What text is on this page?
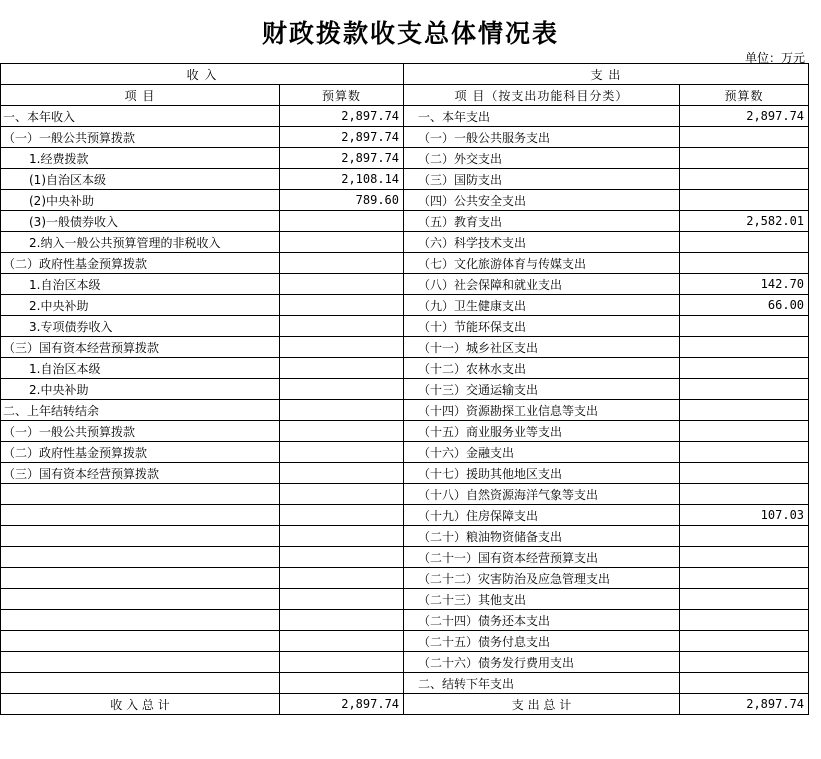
财政拨款收支总体情况表
单位：万元
收 入		支 出	
项 目	预算数	项 目（按支出功能科目分类）	预算数
一、本年收入	2,897.74	一、本年支出	2,897.74
（一）一般公共预算拨款	2,897.74	（一）一般公共服务支出	
1.经费拨款	2,897.74	（二）外交支出	
(1)自治区本级	2,108.14	（三）国防支出	
(2)中央补助	789.60	（四）公共安全支出	
(3)一般债券收入		（五）教育支出	2,582.01
2.纳入一般公共预算管理的非税收入		（六）科学技术支出	
（二）政府性基金预算拨款		（七）文化旅游体育与传媒支出	
1.自治区本级		（八）社会保障和就业支出	142.70
2.中央补助		（九）卫生健康支出	66.00
3.专项债券收入		（十）节能环保支出	
（三）国有资本经营预算拨款		（十一）城乡社区支出	
1.自治区本级		（十二）农林水支出	
2.中央补助		（十三）交通运输支出	
二、上年结转结余		（十四）资源勘探工业信息等支出	
（一）一般公共预算拨款		（十五）商业服务业等支出	
（二）政府性基金预算拨款		（十六）金融支出	
（三）国有资本经营预算拨款		（十七）援助其他地区支出	
		（十八）自然资源海洋气象等支出	
		（十九）住房保障支出	107.03
		（二十）粮油物资储备支出	
		（二十一）国有资本经营预算支出	
		（二十二）灾害防治及应急管理支出	
		（二十三）其他支出	
		（二十四）债务还本支出	
		（二十五）债务付息支出	
		（二十六）债务发行费用支出	
		二、结转下年支出	
收 入 总 计	2,897.74	支 出 总 计	2,897.74
